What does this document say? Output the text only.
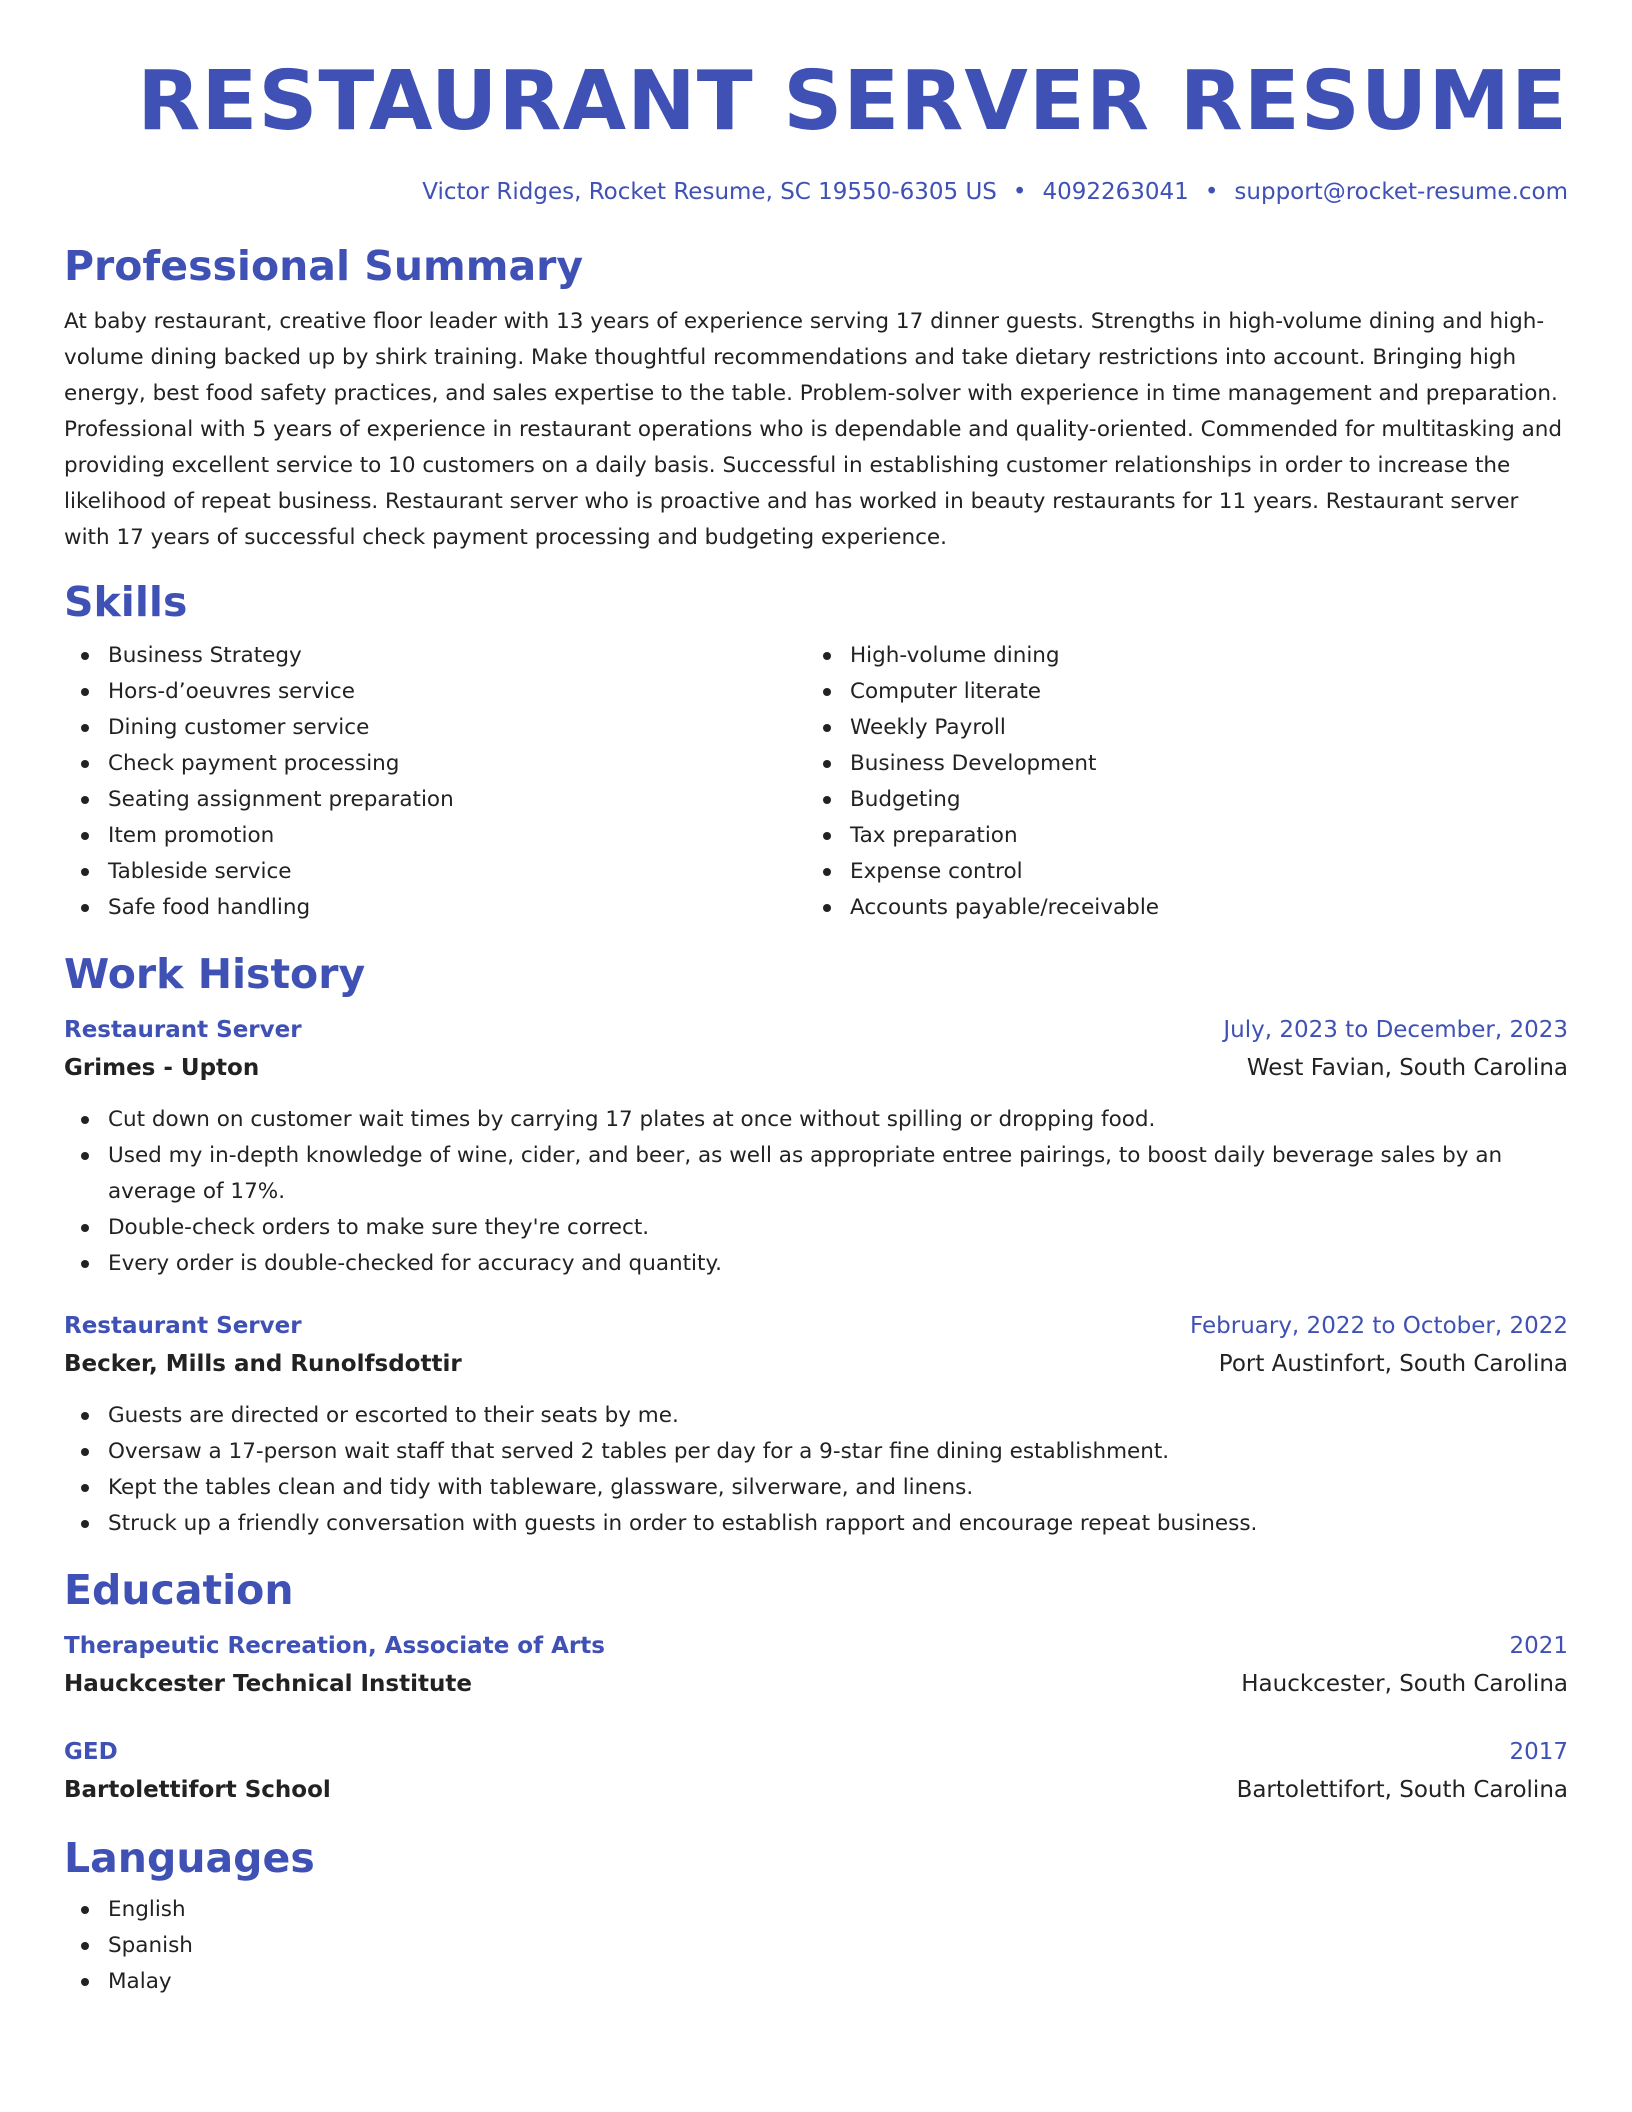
RESTAURANT SERVER RESUME
Victor Ridges, Rocket Resume, SC 19550-6305 US • 4092263041 • support@rocket-resume.com
Professional Summary

At baby restaurant, creative floor leader with 13 years of experience serving 17 dinner guests. Strengths in high-volume dining and high-volume dining backed up by shirk training. Make thoughtful recommendations and take dietary restrictions into account. Bringing high energy, best food safety practices, and sales expertise to the table. Problem-solver with experience in time management and preparation. Professional with 5 years of experience in restaurant operations who is dependable and quality-oriented. Commended for multitasking and providing excellent service to 10 customers on a daily basis. Successful in establishing customer relationships in order to increase the likelihood of repeat business. Restaurant server who is proactive and has worked in beauty restaurants for 11 years. Restaurant server with 17 years of successful check payment processing and budgeting experience.

Skills
Business Strategy
Hors-d’oeuvres service
Dining customer service
Check payment processing
Seating assignment preparation
Item promotion
Tableside service
Safe food handling
High-volume dining
Computer literate
Weekly Payroll
Business Development
Budgeting
Tax preparation
Expense control
Accounts payable/receivable
Work History
Restaurant Server	July, 2023 to December, 2023
Grimes - Upton	West Favian, South Carolina
Cut down on customer wait times by carrying 17 plates at once without spilling or dropping food.
Used my in-depth knowledge of wine, cider, and beer, as well as appropriate entree pairings, to boost daily beverage sales by an average of 17%.
Double-check orders to make sure they're correct.
Every order is double-checked for accuracy and quantity.
Restaurant Server	February, 2022 to October, 2022
Becker, Mills and Runolfsdottir	Port Austinfort, South Carolina
Guests are directed or escorted to their seats by me.
Oversaw a 17-person wait staff that served 2 tables per day for a 9-star fine dining establishment.
Kept the tables clean and tidy with tableware, glassware, silverware, and linens.
Struck up a friendly conversation with guests in order to establish rapport and encourage repeat business.
Education
Therapeutic Recreation, Associate of Arts	2021
Hauckcester Technical Institute	Hauckcester, South Carolina
GED	2017
Bartolettifort School	Bartolettifort, South Carolina
Languages
English
Spanish
Malay
